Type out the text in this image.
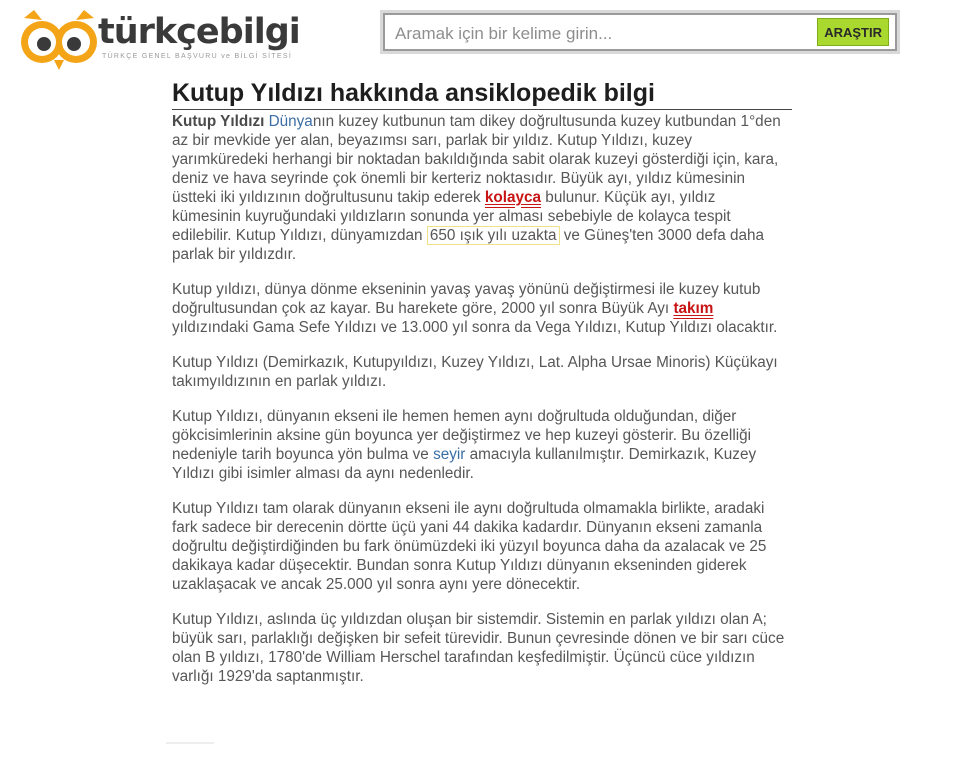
türkçebilgi
TÜRKÇE GENEL BAŞVURU ve BİLGİ SİTESİ
Aramak için bir kelime girin...
ARAŞTIR
Kutup Yıldızı hakkında ansiklopedik bilgi

Kutup Yıldızı Dünyanın kuzey kutbunun tam dikey doğrultusunda kuzey kutbundan 1°den az bir mevkide yer alan, beyazımsı sarı, parlak bir yıldız. Kutup Yıldızı, kuzey yarımküredeki herhangi bir noktadan bakıldığında sabit olarak kuzeyi gösterdiği için, kara, deniz ve hava seyrinde çok önemli bir kerteriz noktasıdır. Büyük ayı, yıldız kümesinin üstteki iki yıldızının doğrultusunu takip ederek kolayca bulunur. Küçük ayı, yıldız kümesinin kuyruğundaki yıldızların sonunda yer alması sebebiyle de kolayca tespit edilebilir. Kutup Yıldızı, dünyamızdan 650 ışık yılı uzakta ve Güneş'ten 3000 defa daha parlak bir yıldızdır.

Kutup yıldızı, dünya dönme ekseninin yavaş yavaş yönünü değiştirmesi ile kuzey kutub doğrultusundan çok az kayar. Bu harekete göre, 2000 yıl sonra Büyük Ayı takım yıldızındaki Gama Sefe Yıldızı ve 13.000 yıl sonra da Vega Yıldızı, Kutup Yıldızı olacaktır.

Kutup Yıldızı (Demirkazık, Kutupyıldızı, Kuzey Yıldızı, Lat. Alpha Ursae Minoris) Küçükayı takımyıldızının en parlak yıldızı.

Kutup Yıldızı, dünyanın ekseni ile hemen hemen aynı doğrultuda olduğundan, diğer gökcisimlerinin aksine gün boyunca yer değiştirmez ve hep kuzeyi gösterir. Bu özelliği nedeniyle tarih boyunca yön bulma ve seyir amacıyla kullanılmıştır. Demirkazık, Kuzey Yıldızı gibi isimler alması da aynı nedenledir.

Kutup Yıldızı tam olarak dünyanın ekseni ile aynı doğrultuda olmamakla birlikte, aradaki fark sadece bir derecenin dörtte üçü yani 44 dakika kadardır. Dünyanın ekseni zamanla doğrultu değiştirdiğinden bu fark önümüzdeki iki yüzyıl boyunca daha da azalacak ve 25 dakikaya kadar düşecektir. Bundan sonra Kutup Yıldızı dünyanın ekseninden giderek uzaklaşacak ve ancak 25.000 yıl sonra aynı yere dönecektir.

Kutup Yıldızı, aslında üç yıldızdan oluşan bir sistemdir. Sistemin en parlak yıldızı olan A; büyük sarı, parlaklığı değişken bir sefeit türevidir. Bunun çevresinde dönen ve bir sarı cüce olan B yıldızı, 1780'de William Herschel tarafından keşfedilmiştir. Üçüncü cüce yıldızın varlığı 1929'da saptanmıştır.
